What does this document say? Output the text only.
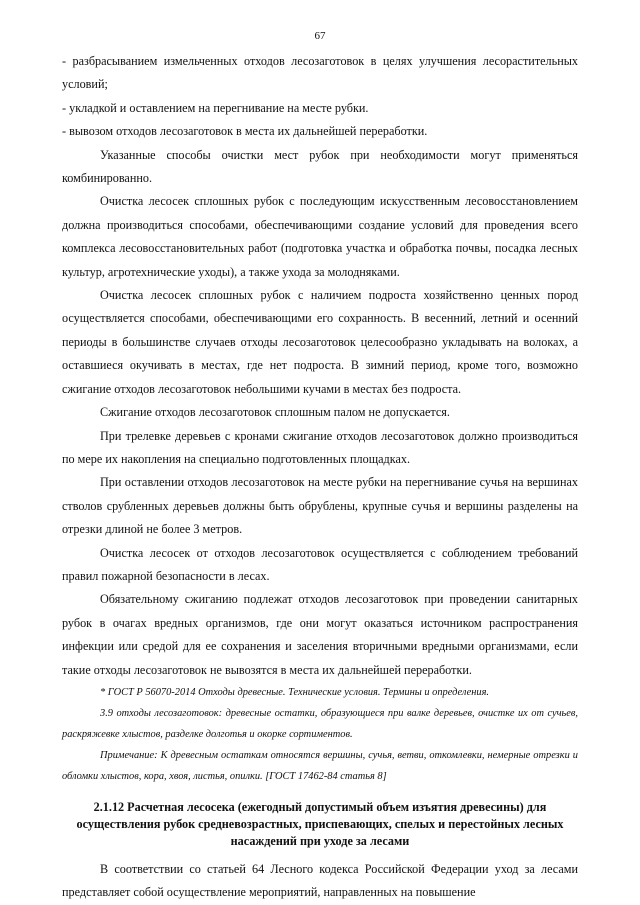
67

- разбрасыванием измельченных отходов лесозаготовок в целях улучшения лесорастительных условий;

- укладкой и оставлением на перегнивание на месте рубки.

- вывозом отходов лесозаготовок в места их дальнейшей переработки.

Указанные способы очистки мест рубок при необходимости могут применяться комбинированно.

Очистка лесосек сплошных рубок с последующим искусственным лесовосстановлением должна производиться способами, обеспечивающими создание условий для проведения всего комплекса лесовосстановительных работ (подготовка участка и обработка почвы, посадка лесных культур, агротехнические уходы), а также ухода за молодняками.

Очистка лесосек сплошных рубок с наличием подроста хозяйственно ценных пород осуществляется способами, обеспечивающими его сохранность. В весенний, летний и осенний периоды в большинстве случаев отходы лесозаготовок целесообразно укладывать на волоках, а оставшиеся окучивать в местах, где нет подроста. В зимний период, кроме того, возможно сжигание отходов лесозаготовок небольшими кучами в местах без подроста.

Сжигание отходов лесозаготовок сплошным палом не допускается.

При трелевке деревьев с кронами сжигание отходов лесозаготовок должно производиться по мере их накопления на специально подготовленных площадках.

При оставлении отходов лесозаготовок на месте рубки на перегнивание сучья на вершинах стволов срубленных деревьев должны быть обрублены, крупные сучья и вершины разделены на отрезки длиной не более 3 метров.

Очистка лесосек от отходов лесозаготовок осуществляется с соблюдением требований правил пожарной безопасности в лесах.

Обязательному сжиганию подлежат отходов лесозаготовок при проведении санитарных рубок в очагах вредных организмов, где они могут оказаться источником распространения инфекции или средой для ее сохранения и заселения вторичными вредными организмами, если такие отходы лесозаготовок не вывозятся в места их дальнейшей переработки.

* ГОСТ Р 56070-2014 Отходы древесные. Технические условия. Термины и определения.

3.9 отходы лесозаготовок: древесные остатки, образующиеся при валке деревьев, очистке их от сучьев, раскряжевке хлыстов, разделке долготья и окорке сортиментов.

Примечание: К древесным остаткам относятся вершины, сучья, ветви, откомлевки, немерные отрезки и обломки хлыстов, кора, хвоя, листья, опилки. [ГОСТ 17462-84 статья 8]

2.1.12 Расчетная лесосека (ежегодный допустимый объем изъятия древесины) для осуществления рубок средневозрастных, приспевающих, спелых и перестойных лесных насаждений при уходе за лесами

В соответствии со статьей 64 Лесного кодекса Российской Федерации уход за лесами представляет собой осуществление мероприятий, направленных на повышение
